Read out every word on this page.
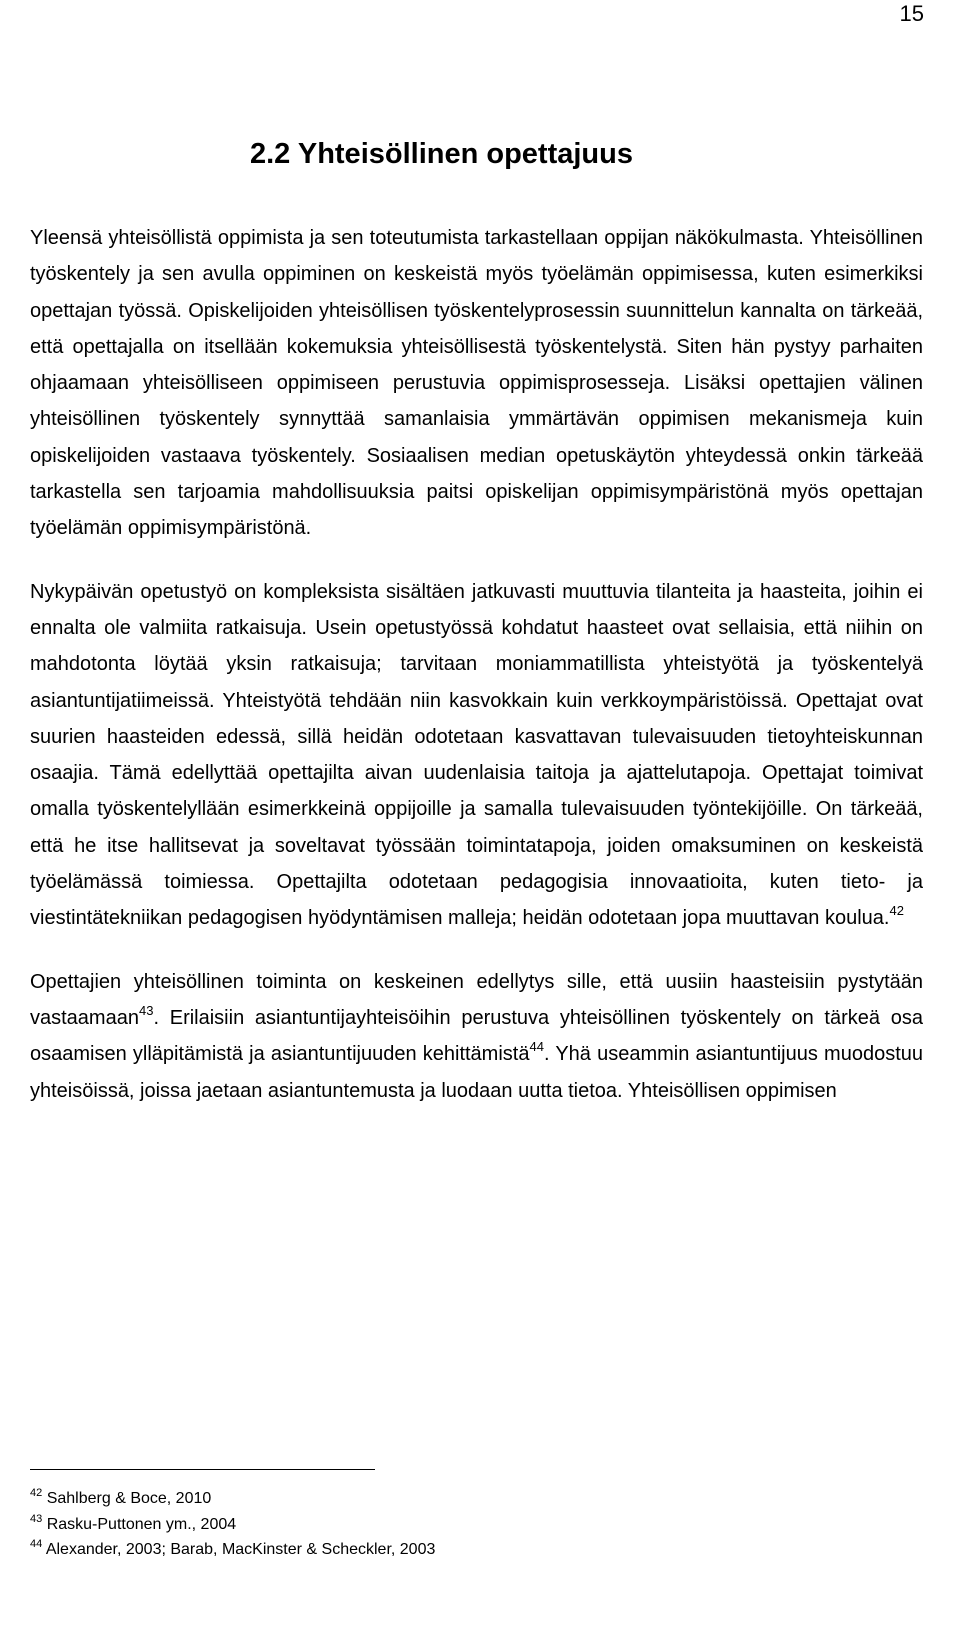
15
2.2 Yhteisöllinen opettajuus

Yleensä yhteisöllistä oppimista ja sen toteutumista tarkastellaan oppijan näkökulmasta. Yhteisöllinen työskentely ja sen avulla oppiminen on keskeistä myös työelämän oppimisessa, kuten esimerkiksi opettajan työssä. Opiskelijoiden yhteisöllisen työskentelyprosessin suunnittelun kannalta on tärkeää, että opettajalla on itsellään kokemuksia yhteisöllisestä työskentelystä. Siten hän pystyy parhaiten ohjaamaan yhteisölliseen oppimiseen perustuvia oppimisprosesseja. Lisäksi opettajien välinen yhteisöllinen työskentely synnyttää samanlaisia ymmärtävän oppimisen mekanismeja kuin opiskelijoiden vastaava työskentely. Sosiaalisen median opetuskäytön yhteydessä onkin tärkeää tarkastella sen tarjoamia mahdollisuuksia paitsi opiskelijan oppimisympäristönä myös opettajan työelämän oppimisympäristönä.

Nykypäivän opetustyö on kompleksista sisältäen jatkuvasti muuttuvia tilanteita ja haasteita, joihin ei ennalta ole valmiita ratkaisuja. Usein opetustyössä kohdatut haasteet ovat sellaisia, että niihin on mahdotonta löytää yksin ratkaisuja; tarvitaan moniammatillista yhteistyötä ja työskentelyä asiantuntijatiimeissä. Yhteistyötä tehdään niin kasvokkain kuin verkkoympäristöissä. Opettajat ovat suurien haasteiden edessä, sillä heidän odotetaan kasvattavan tulevaisuuden tietoyhteiskunnan osaajia. Tämä edellyttää opettajilta aivan uudenlaisia taitoja ja ajattelutapoja. Opettajat toimivat omalla työskentelyllään esimerkkeinä oppijoille ja samalla tulevaisuuden työntekijöille. On tärkeää, että he itse hallitsevat ja soveltavat työssään toimintatapoja, joiden omaksuminen on keskeistä työelämässä toimiessa. Opettajilta odotetaan pedagogisia innovaatioita, kuten tieto- ja viestintätekniikan pedagogisen hyödyntämisen malleja; heidän odotetaan jopa muuttavan koulua.$^{42}$

Opettajien yhteisöllinen toiminta on keskeinen edellytys sille, että uusiin haasteisiin pystytään vastaamaan$^{43}$. Erilaisiin asiantuntijayhteisöihin perustuva yhteisöllinen työskentely on tärkeä osa osaamisen ylläpitämistä ja asiantuntijuuden kehittämistä$^{44}$. Yhä useammin asiantuntijuus muodostuu yhteisöissä, joissa jaetaan asiantuntemusta ja luodaan uutta tietoa. Yhteisöllisen oppimisen

$^{42}$ Sahlberg & Boce, 2010

$^{43}$ Rasku-Puttonen ym., 2004

$^{44}$ Alexander, 2003; Barab, MacKinster & Scheckler, 2003
